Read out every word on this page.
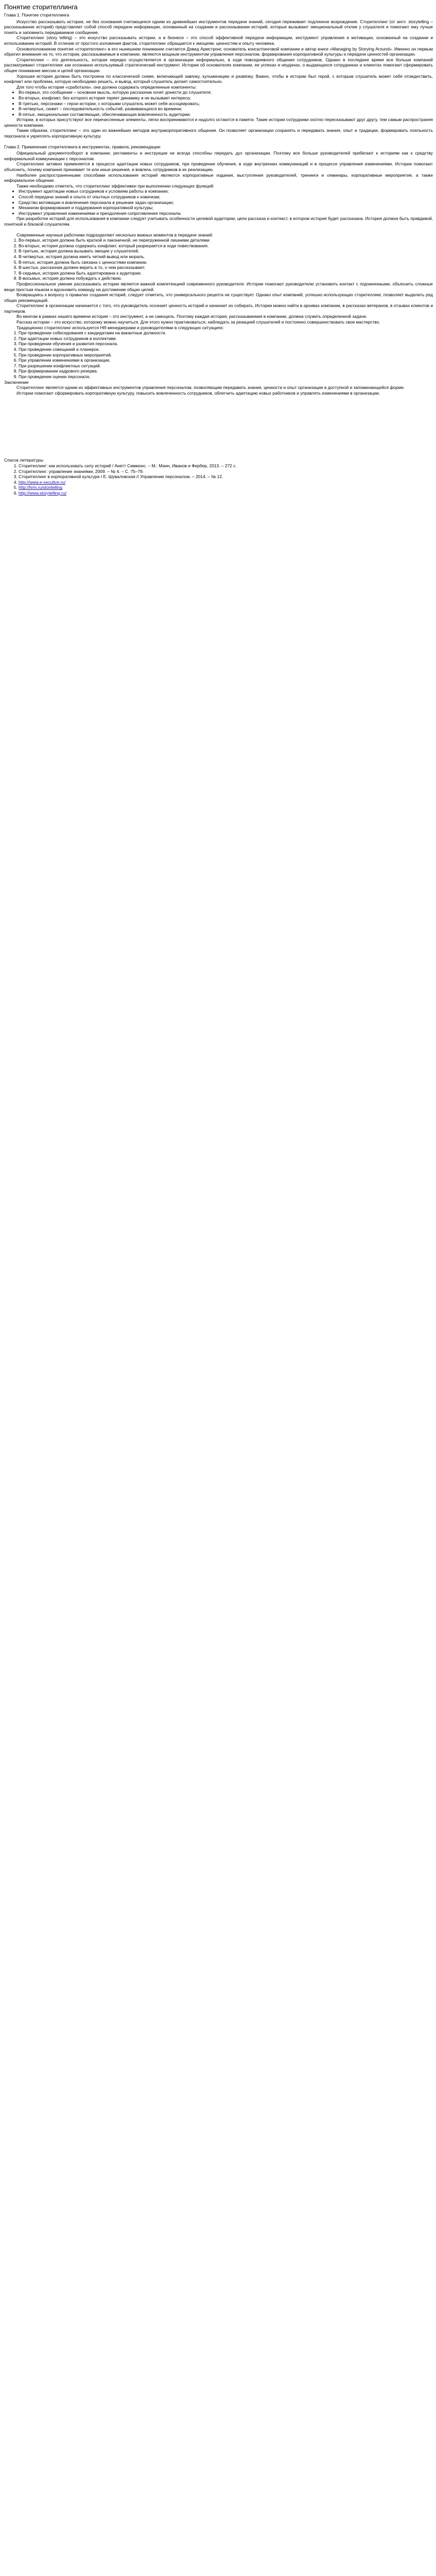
Понятие сторителлинга
Глава 1. Понятие сторителлинга

Искусство рассказывать истории, не без основания считающееся одним из древнейших инструментов передачи знаний, сегодня переживает подлинное возрождение. Сторителлинг (от англ. storytelling – рассказывание историй) представляет собой способ передачи информации, основанный на создании и рассказывании историй, которые вызывают эмоциональный отклик у слушателя и помогают ему лучше понять и запомнить передаваемое сообщение.

Сторителлинг (story telling) – это искусство рассказывать истории, а в бизнесе – это способ эффективной передачи информации, инструмент управления и мотивации, основанный на создании и использовании историй. В отличие от простого изложения фактов, сторителлинг обращается к эмоциям, ценностям и опыту человека.

Основоположником понятия «сторителлинг» в его нынешнем понимании считается Дэвид Армстронг, основатель консалтинговой компании и автор книги «Managing by Storying Around». Именно он первым обратил внимание на то, что истории, рассказываемые в компании, являются мощным инструментом управления персоналом, формирования корпоративной культуры и передачи ценностей организации.

Сторителлинг – это деятельность, которая нередко осуществляется в организации неформально, в ходе повседневного общения сотрудников. Однако в последнее время все больше компаний рассматривают сторителлинг как осознанно используемый стратегический инструмент. Истории об основателях компании, ее успехах и неудачах, о выдающихся сотрудниках и клиентах помогают сформировать общее понимание миссии и целей организации.

Хорошая история должна быть построена по классической схеме, включающей завязку, кульминацию и развязку. Важно, чтобы в истории был герой, с которым слушатель может себя отождествить, конфликт или проблема, которую необходимо решить, и вывод, который слушатель делает самостоятельно.

Для того чтобы история «сработала», она должна содержать определенные компоненты:

• Во-первых, это сообщение – основная мысль, которую рассказчик хочет донести до слушателя;
• Во-вторых, конфликт, без которого история теряет динамику и не вызывает интереса;
• В-третьих, персонажи – герои истории, с которыми слушатель может себя ассоциировать;
• В-четвертых, сюжет – последовательность событий, развивающихся во времени;
• В-пятых, эмоциональная составляющая, обеспечивающая вовлеченность аудитории.

Истории, в которых присутствуют все перечисленные элементы, легко воспринимаются и надолго остаются в памяти. Такие истории сотрудники охотно пересказывают друг другу, тем самым распространяя ценности компании.

Таким образом, сторителлинг – это один из важнейших методов внутрикорпоративного общения. Он позволяет организации сохранять и передавать знания, опыт и традиции, формировать лояльность персонала и укреплять корпоративную культуру.

Глава 2. Применение сторителлинга в инструментах, правила, рекомендации

Официальный документооборот в компании, регламенты и инструкции не всегда способны передать дух организации. Поэтому все больше руководителей прибегают к историям как к средству неформальной коммуникации с персоналом.

Сторителлинг активно применяется в процессе адаптации новых сотрудников, при проведении обучения, в ходе внутренних коммуникаций и в процессе управления изменениями. Истории помогают объяснить, почему компания принимает те или иные решения, и вовлечь сотрудников в их реализацию.

Наиболее распространенными способами использования историй являются корпоративные издания, выступления руководителей, тренинги и семинары, корпоративные мероприятия, а также неформальное общение.

Также необходимо отметить, что сторителлинг эффективен при выполнении следующих функций:

• Инструмент адаптации новых сотрудников к условиям работы в компании;
• Способ передачи знаний и опыта от опытных сотрудников к новичкам;
• Средство мотивации и вовлечения персонала в решение задач организации;
• Механизм формирования и поддержания корпоративной культуры;
• Инструмент управления изменениями и преодоления сопротивления персонала.

При разработке историй для использования в компании следует учитывать особенности целевой аудитории, цели рассказа и контекст, в котором история будет рассказана. История должна быть правдивой, понятной и близкой слушателям.

Современные научные работники подразделяют несколько важных моментов в передаче знаний:

1. Во-первых, история должна быть краткой и лаконичной, не перегруженной лишними деталями.
2. Во-вторых, история должна содержать конфликт, который разрешается в ходе повествования.
3. В-третьих, история должна вызывать эмоции у слушателей.
4. В-четвертых, история должна иметь четкий вывод или мораль.
5. В-пятых, история должна быть связана с ценностями компании.
6. В-шестых, рассказчик должен верить в то, о чем рассказывает.
7. В-седьмых, история должна быть адаптирована к аудитории.
8. В-восьмых, история должна побуждать к действию.

Профессиональное умение рассказывать истории является важной компетенцией современного руководителя. Истории помогают руководителю установить контакт с подчиненными, объяснить сложные вещи простым языком и вдохновить команду на достижение общих целей.

Возвращаясь к вопросу о правилах создания историй, следует отметить, что универсального рецепта не существует. Однако опыт компаний, успешно использующих сторителлинг, позволяет выделить ряд общих рекомендаций.

Сторителлинг в организации начинается с того, что руководитель осознает ценность историй и начинает их собирать. Истории можно найти в архивах компании, в рассказах ветеранов, в отзывах клиентов и партнеров.

Во многом в рамках нашего времени история – это инструмент, а не самоцель. Поэтому каждая история, рассказываемая в компании, должна служить определенной задаче.

Рассказ истории – это искусство, которому можно научиться. Для этого нужно практиковаться, наблюдать за реакцией слушателей и постоянно совершенствовать свое мастерство.

Традиционно сторителлинг используется HR-менеджерами и руководителями в следующих ситуациях:

1. При проведении собеседования с кандидатами на вакантные должности.
2. При адаптации новых сотрудников в коллективе.
3. При проведении обучения и развития персонала.
4. При проведении совещаний и планерок.
5. При проведении корпоративных мероприятий.
6. При управлении изменениями в организации.
7. При разрешении конфликтных ситуаций.
8. При формировании кадрового резерва.
9. При проведении оценки персонала.

Заключение

Сторителлинг является одним из эффективных инструментов управления персоналом, позволяющим передавать знания, ценности и опыт организации в доступной и запоминающейся форме.

Истории помогают сформировать корпоративную культуру, повысить вовлеченность сотрудников, облегчить адаптацию новых работников и управлять изменениями в организации.

Список литературы

1. Сторителлинг: как использовать силу историй / Анетт Симмонс. – М.: Манн, Иванов и Фербер, 2013. – 272 с.
2. Сторителлинг: управление знаниями, 2009. – № 4. – С. 75–79.
3. Сторителлинг в корпоративной культуре / Е. Шуваловская // Управление персоналом. – 2014. – № 12.
4. http://www.e-xecutive.ru/
5. http://hrm.ru/storitelling
6. http://www.storytelling.ru/
